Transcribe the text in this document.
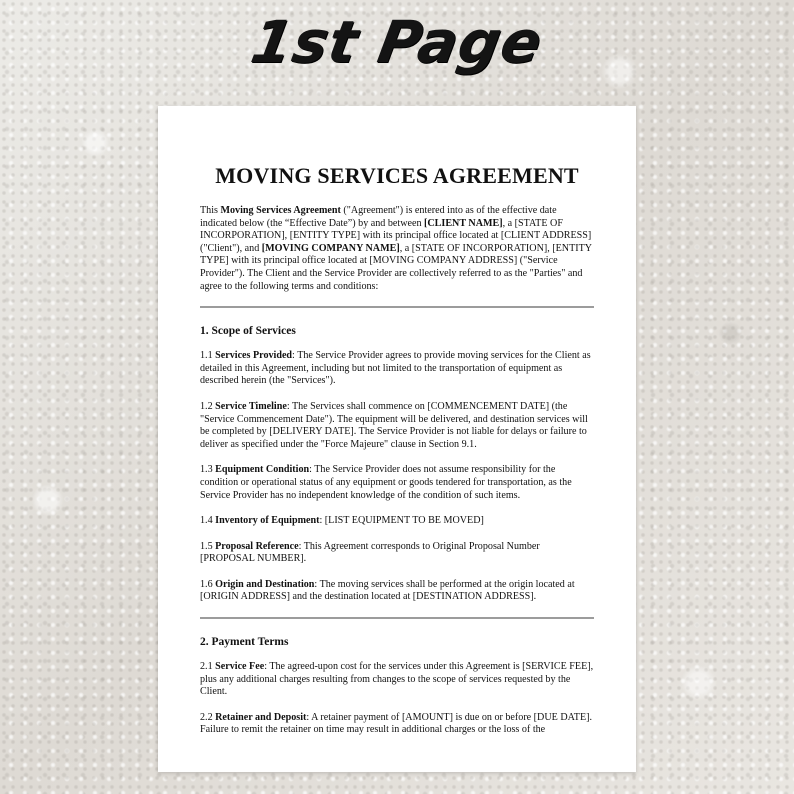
1st Page
MOVING SERVICES AGREEMENT

This Moving Services Agreement ("Agreement") is entered into as of the effective date indicated below (the “Effective Date”) by and between [CLIENT NAME], a [STATE OF INCORPORATION], [ENTITY TYPE] with its principal office located at [CLIENT ADDRESS] ("Client"), and [MOVING COMPANY NAME], a [STATE OF INCORPORATION], [ENTITY TYPE] with its principal office located at [MOVING COMPANY ADDRESS] ("Service Provider"). The Client and the Service Provider are collectively referred to as the "Parties" and agree to the following terms and conditions:

1. Scope of Services

1.1 Services Provided: The Service Provider agrees to provide moving services for the Client as detailed in this Agreement, including but not limited to the transportation of equipment as described herein (the "Services").

1.2 Service Timeline: The Services shall commence on [COMMENCEMENT DATE] (the "Service Commencement Date"). The equipment will be delivered, and destination services will be completed by [DELIVERY DATE]. The Service Provider is not liable for delays or failure to deliver as specified under the "Force Majeure" clause in Section 9.1.

1.3 Equipment Condition: The Service Provider does not assume responsibility for the condition or operational status of any equipment or goods tendered for transportation, as the Service Provider has no independent knowledge of the condition of such items.

1.4 Inventory of Equipment: [LIST EQUIPMENT TO BE MOVED]

1.5 Proposal Reference: This Agreement corresponds to Original Proposal Number [PROPOSAL NUMBER].

1.6 Origin and Destination: The moving services shall be performed at the origin located at [ORIGIN ADDRESS] and the destination located at [DESTINATION ADDRESS].

2. Payment Terms

2.1 Service Fee: The agreed-upon cost for the services under this Agreement is [SERVICE FEE], plus any additional charges resulting from changes to the scope of services requested by the Client.

2.2 Retainer and Deposit: A retainer payment of [AMOUNT] is due on or before [DUE DATE]. Failure to remit the retainer on time may result in additional charges or the loss of the
